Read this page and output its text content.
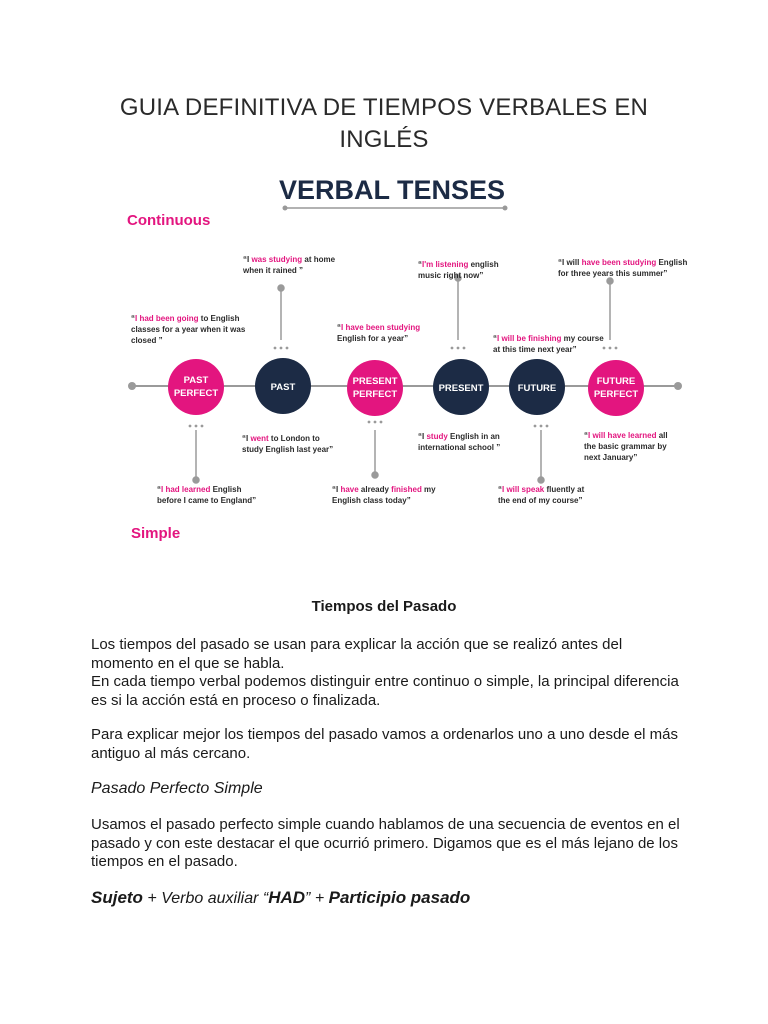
GUIA DEFINITIVA DE TIEMPOS VERBALES EN INGLÉS
VERBAL TENSES
Continuous
Simple
PAST
PERFECT
PAST
PRESENT
PERFECT
PRESENT	FUTURE
FUTURE
PERFECT
“I was studying at home
when it rained ”
“I'm listening english
music right now”
“I will have been studying English
for three years this summer”
“I had been going to English
classes for a year when it was
closed ”
“I have been studying
English for a year”	“I will be finishing my course
at this time next year”
“I went to London to
study English last year”
“I study English in an
international school ”
“I will have learned all
the basic grammar by
next January”
“I had learned English
before I came to England”
“I have already finished my
English class today”
“I will speak fluently at
the end of my course”
Tiempos del Pasado

Los tiempos del pasado se usan para explicar la acción que se realizó antes del momento en el que se habla.

En cada tiempo verbal podemos distinguir entre continuo o simple, la principal diferencia es si la acción está en proceso o finalizada.

Para explicar mejor los tiempos del pasado vamos a ordenarlos uno a uno desde el más antiguo al más cercano.

Pasado Perfecto Simple

Usamos el pasado perfecto simple cuando hablamos de una secuencia de eventos en el pasado y con este destacar el que ocurrió primero. Digamos que es el más lejano de los tiempos en el pasado.

Sujeto + Verbo auxiliar “HAD” + Participio pasado
